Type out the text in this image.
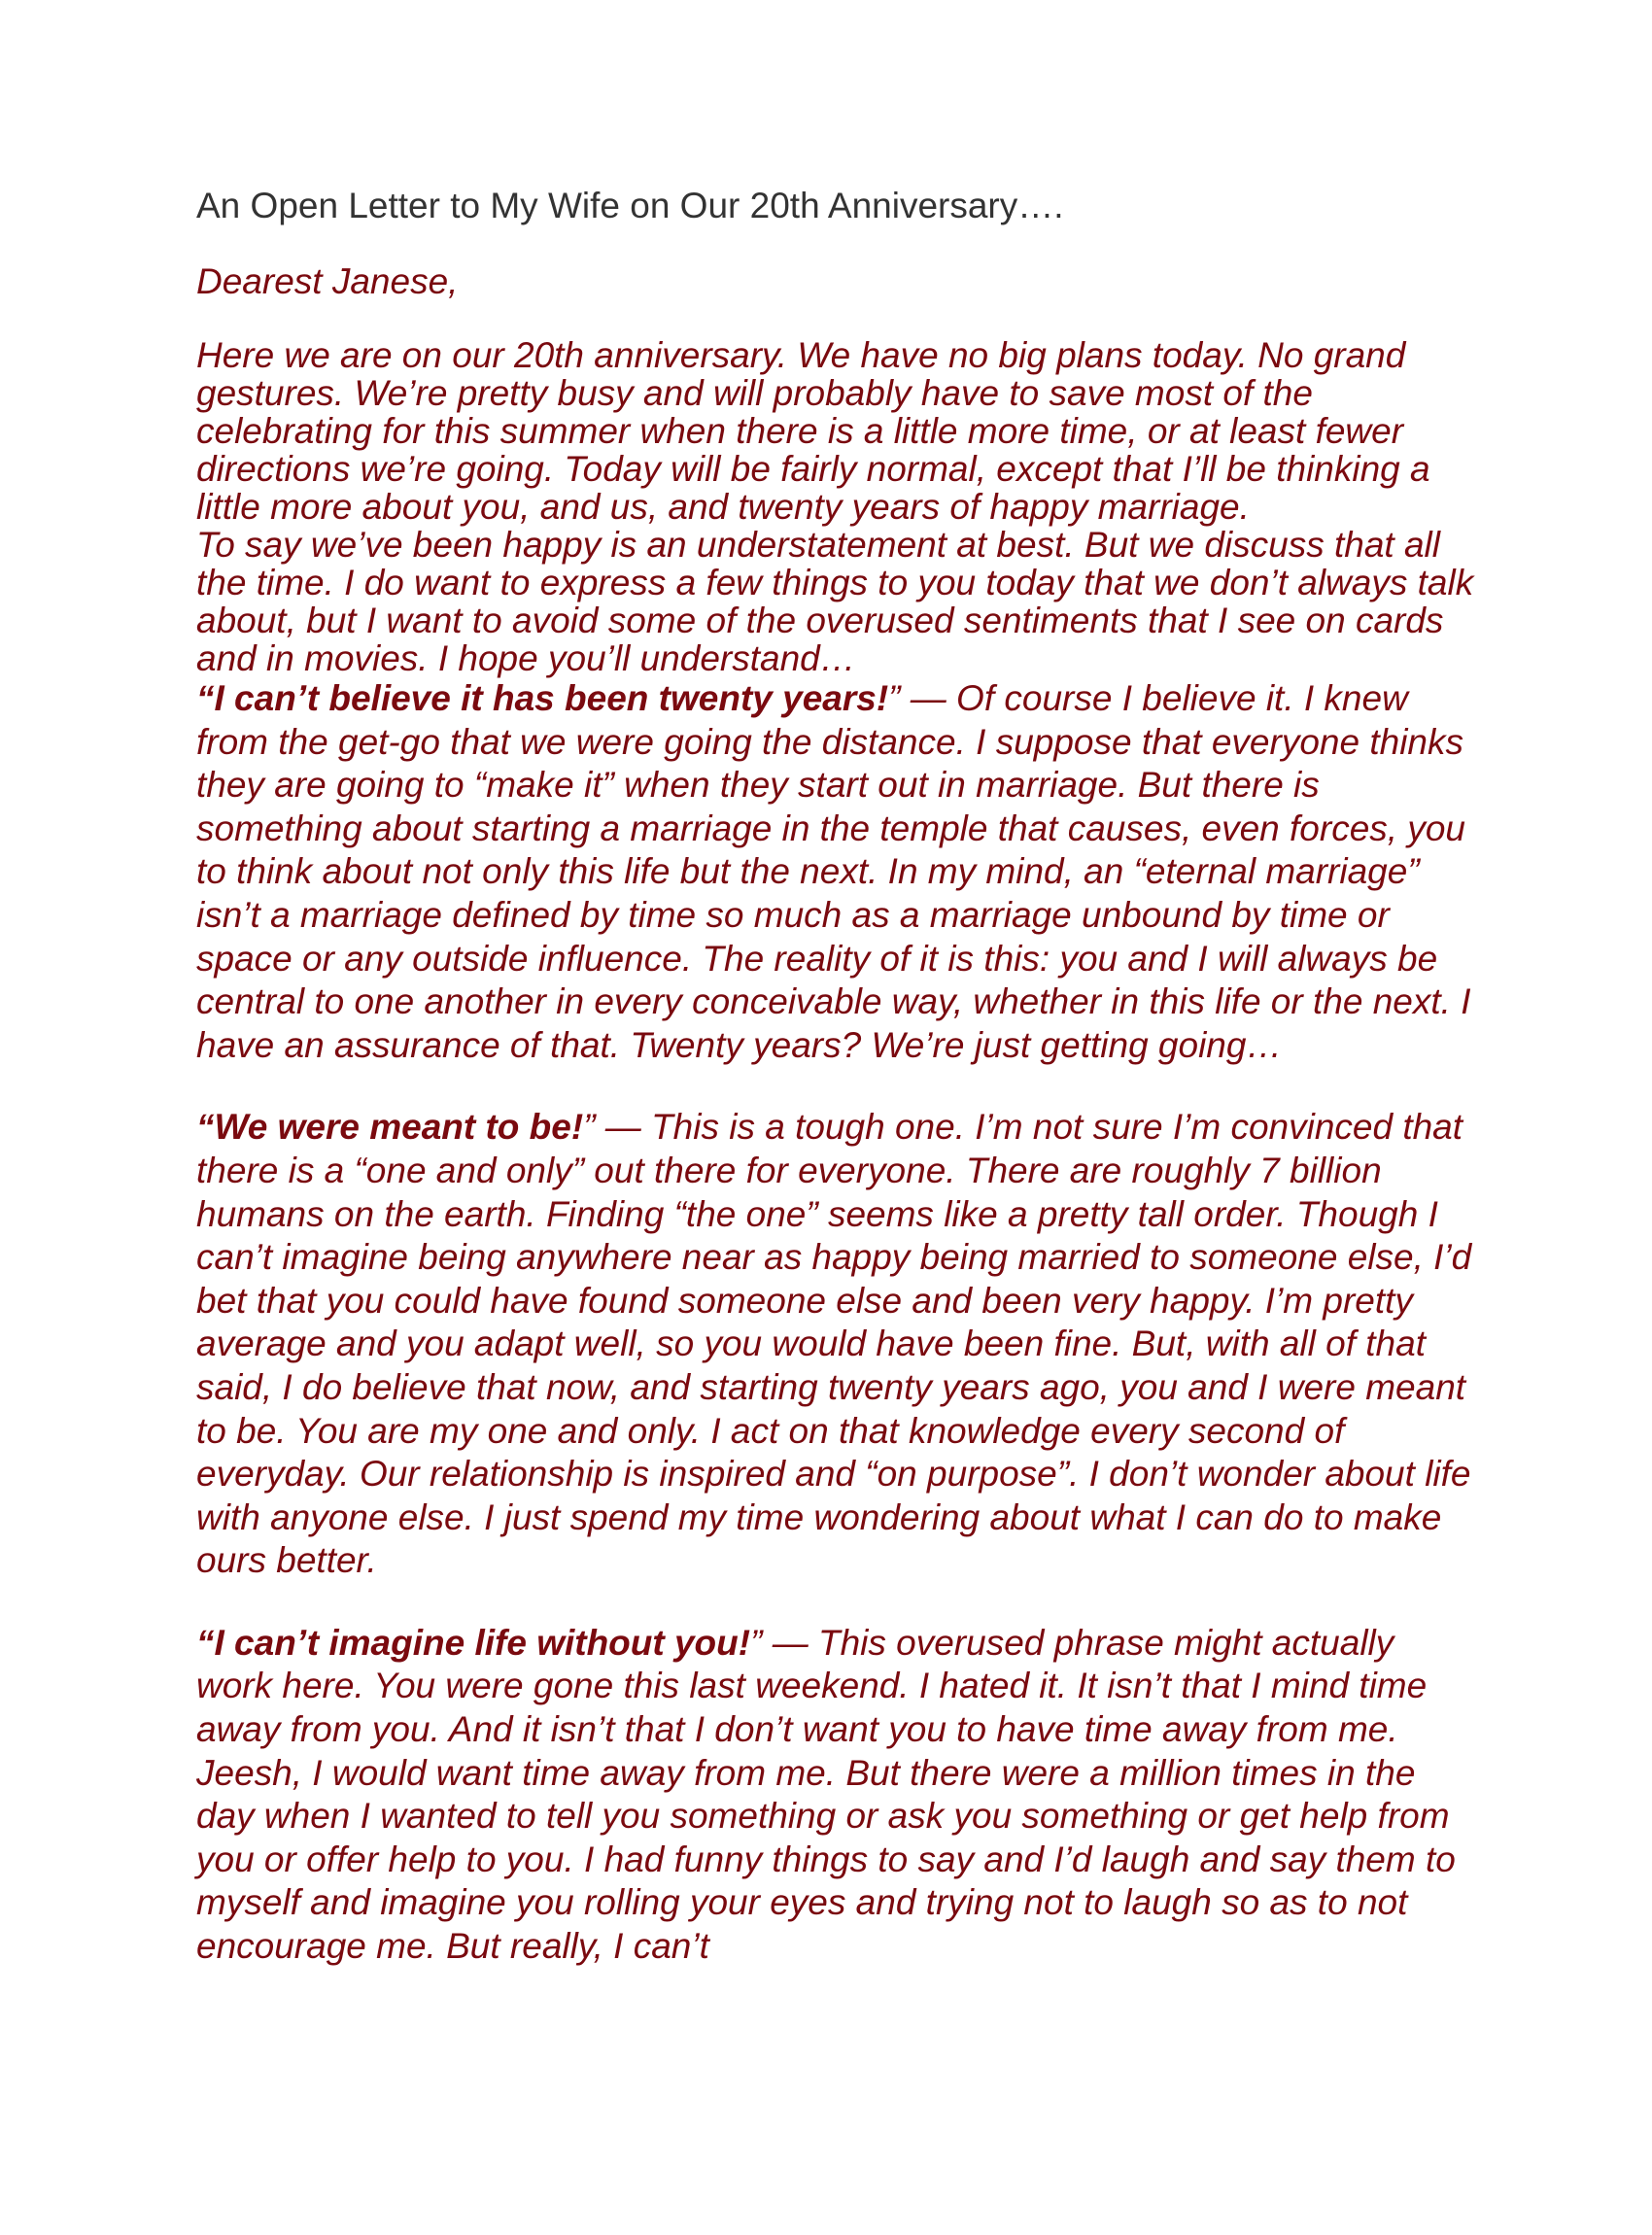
An Open Letter to My Wife on Our 20th Anniversary….
Dearest Janese,

Here we are on our 20th anniversary. We have no big plans today. No grand gestures. We’re pretty busy and will probably have to save most of the celebrating for this summer when there is a little more time, or at least fewer directions we’re going. Today will be fairly normal, except that I’ll be thinking a little more about you, and us, and twenty years of happy marriage.

To say we’ve been happy is an understatement at best. But we discuss that all the time. I do want to express a few things to you today that we don’t always talk about, but I want to avoid some of the overused sentiments that I see on cards and in movies. I hope you’ll understand…

“I can’t believe it has been twenty years!” — Of course I believe it. I knew from the get-go that we were going the distance. I suppose that everyone thinks they are going to “make it” when they start out in marriage. But there is something about starting a marriage in the temple that causes, even forces, you to think about not only this life but the next. In my mind, an “eternal marriage” isn’t a marriage defined by time so much as a marriage unbound by time or space or any outside influence. The reality of it is this: you and I will always be central to one another in every conceivable way, whether in this life or the next. I have an assurance of that. Twenty years? We’re just getting going…

“We were meant to be!” — This is a tough one. I’m not sure I’m convinced that there is a “one and only” out there for everyone. There are roughly 7 billion humans on the earth. Finding “the one” seems like a pretty tall order. Though I can’t imagine being anywhere near as happy being married to someone else, I’d bet that you could have found someone else and been very happy. I’m pretty average and you adapt well, so you would have been fine. But, with all of that said, I do believe that now, and starting twenty years ago, you and I were meant to be. You are my one and only. I act on that knowledge every second of everyday. Our relationship is inspired and “on purpose”. I don’t wonder about life with anyone else. I just spend my time wondering about what I can do to make ours better.

“I can’t imagine life without you!” — This overused phrase might actually work here. You were gone this last weekend. I hated it. It isn’t that I mind time away from you. And it isn’t that I don’t want you to have time away from me. Jeesh, I would want time away from me. But there were a million times in the day when I wanted to tell you something or ask you something or get help from you or offer help to you. I had funny things to say and I’d laugh and say them to myself and imagine you rolling your eyes and trying not to laugh so as to not encourage me. But really, I can’t
